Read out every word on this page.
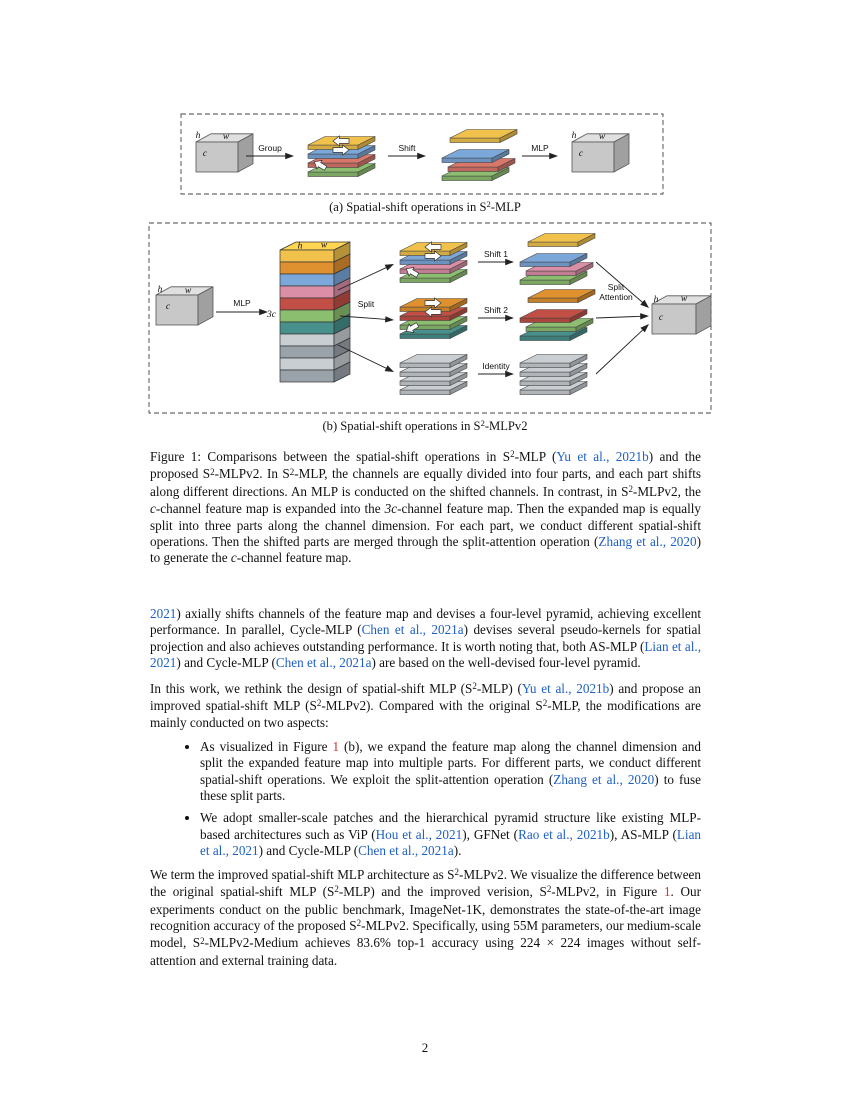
h w
c
Group	Shift	MLP
h w
c
(a) Spatial-shift operations in $S^2$-MLP
h w
c	MLP
h w
3c
Split
Shift 1
Shift 2
Identity
Split
Attention h w
c
(b) Spatial-shift operations in $S^2-MLPv2$
Figure 1: Comparisons between the spatial-shift operations in $S^2$-MLP (Yu et al., 2021b) and the proposed $S^2-MLPv2$. In $S^2$-MLP, the channels are equally divided into four parts, and each part shifts along different directions. An MLP is conducted on the shifted channels. In contrast, in $S^2-MLPv2$, the c-channel feature map is expanded into the 3c-channel feature map. Then the expanded map is equally split into three parts along the channel dimension. For each part, we conduct different spatial-shift operations. Then the shifted parts are merged through the split-attention operation (Zhang et al., 2020) to generate the c-channel feature map.

2021) axially shifts channels of the feature map and devises a four-level pyramid, achieving excellent performance. In parallel, Cycle-MLP (Chen et al., 2021a) devises several pseudo-kernels for spatial projection and also achieves outstanding performance. It is worth noting that, both AS-MLP (Lian et al., 2021) and Cycle-MLP (Chen et al., 2021a) are based on the well-devised four-level pyramid.

In this work, we rethink the design of spatial-shift MLP $(S^2-MLP)$ (Yu et al., 2021b) and propose an improved spatial-shift MLP $(S^2-MLPv2)$. Compared with the original $S^2$-MLP, the modifications are mainly conducted on two aspects:

• As visualized in Figure 1 (b), we expand the feature map along the channel dimension and split the expanded feature map into multiple parts. For different parts, we conduct different spatial-shift operations. We exploit the split-attention operation (Zhang et al., 2020) to fuse these split parts.
• We adopt smaller-scale patches and the hierarchical pyramid structure like existing MLP-based architectures such as ViP (Hou et al., 2021), GFNet (Rao et al., 2021b), AS-MLP (Lian et al., 2021) and Cycle-MLP (Chen et al., 2021a).

We term the improved spatial-shift MLP architecture as $S^2-MLPv2$. We visualize the difference between the original spatial-shift MLP $(S^2-MLP)$ and the improved verision, $S^2-MLPv2$, in Figure 1. Our experiments conduct on the public benchmark, ImageNet-1K, demonstrates the state-of-the-art image recognition accuracy of the proposed $S^2-MLPv2$. Specifically, using 55M parameters, our medium-scale model, $S^2-MLPv2$-Medium achieves 83.6% top-1 accuracy using 224 × 224 images without self-attention and external training data.

2
